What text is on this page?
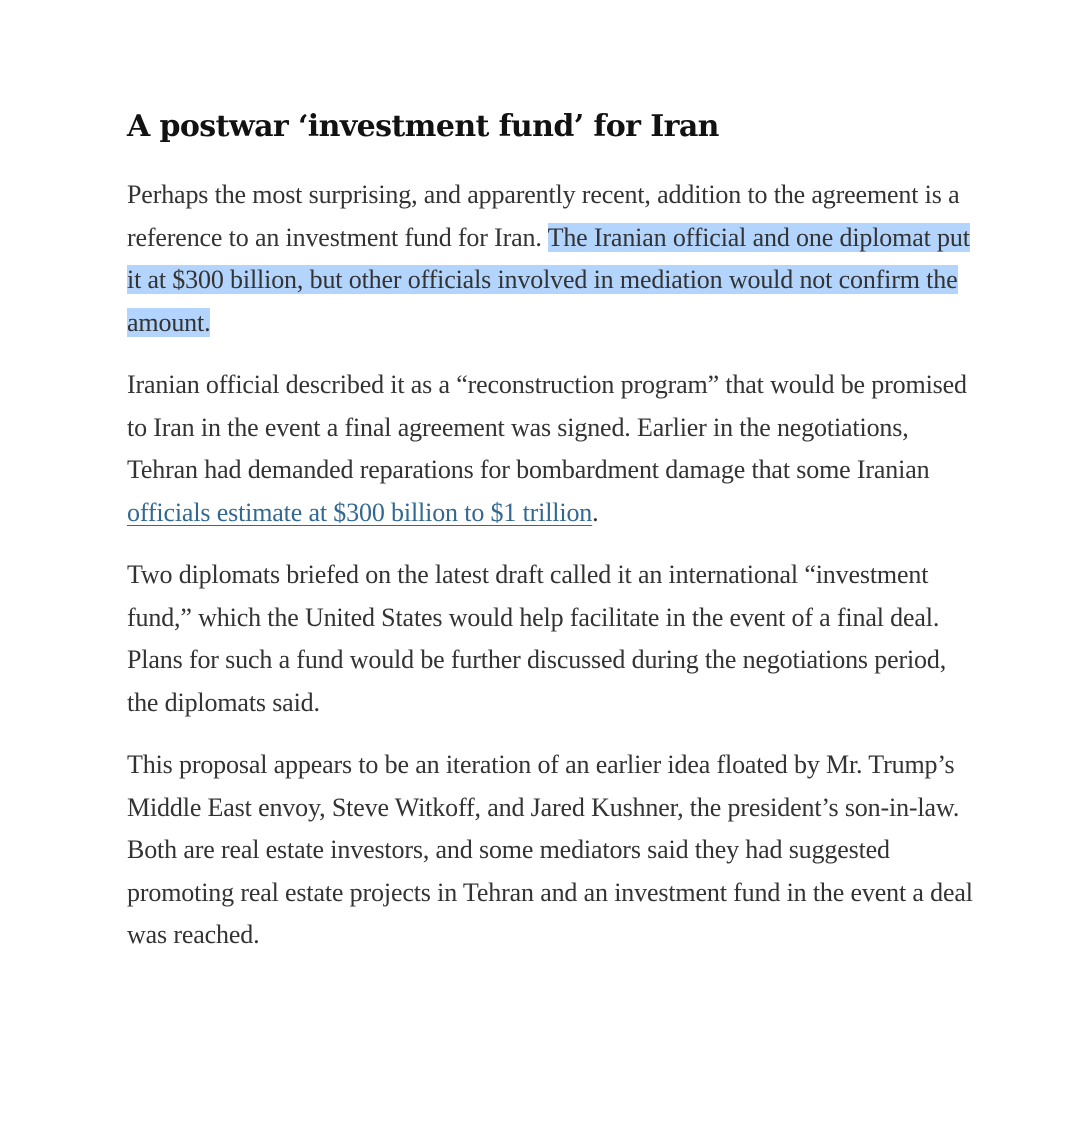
A postwar ‘investment fund’ for Iran

Perhaps the most surprising, and apparently recent, addition to the agreement is a reference to an investment fund for Iran. The Iranian official and one diplomat put it at $300 billion, but other officials involved in mediation would not confirm the amount.

Iranian official described it as a “reconstruction program” that would be promised to Iran in the event a final agreement was signed. Earlier in the negotiations, Tehran had demanded reparations for bombardment damage that some Iranian officials estimate at $300 billion to $1 trillion.

Two diplomats briefed on the latest draft called it an international “investment fund,” which the United States would help facilitate in the event of a final deal. Plans for such a fund would be further discussed during the negotiations period, the diplomats said.

This proposal appears to be an iteration of an earlier idea floated by Mr. Trump’s Middle East envoy, Steve Witkoff, and Jared Kushner, the president’s son-in-law. Both are real estate investors, and some mediators said they had suggested promoting real estate projects in Tehran and an investment fund in the event a deal was reached.
